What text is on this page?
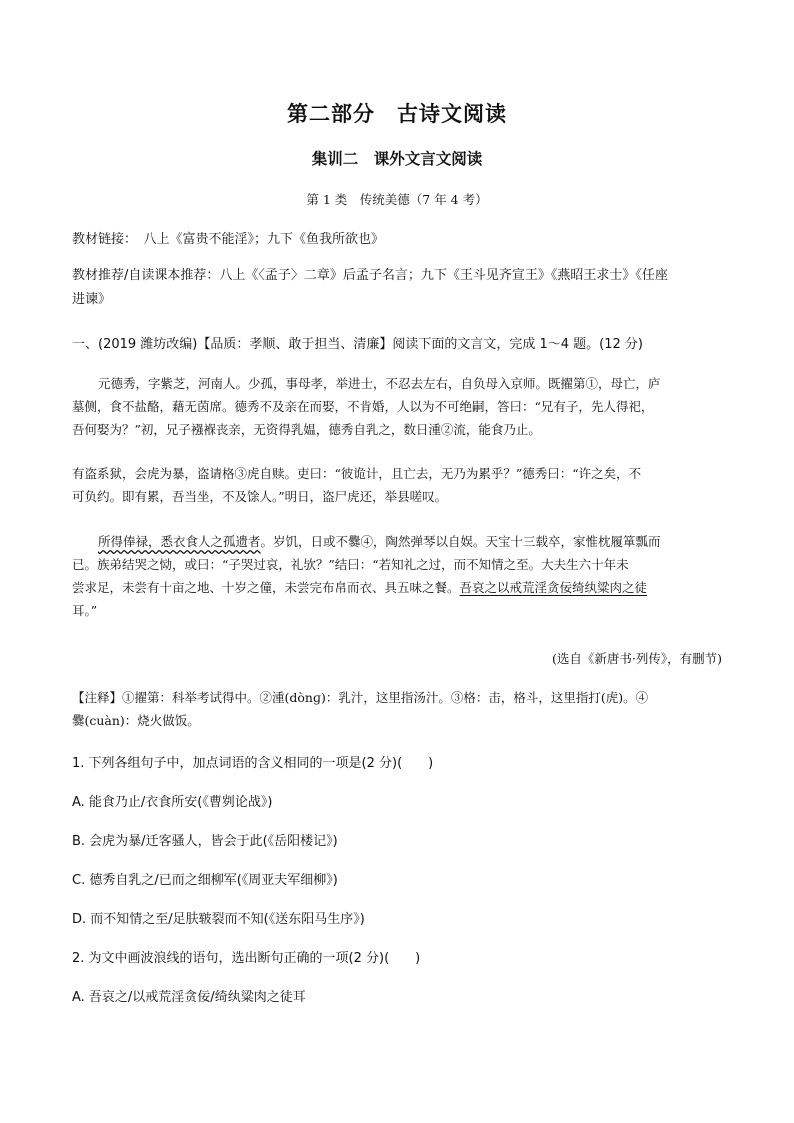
第二部分　古诗文阅读
集训二　课外文言文阅读
第 1 类　传统美德（7 年 4 考）
教材链接：　八上《富贵不能淫》；九下《鱼我所欲也》
教材推荐/自读课本推荐：八上《〈孟子〉二章》后孟子名言；九下《王斗见齐宣王》《燕昭王求士》《任座
进谏》
一、(2019 潍坊改编)【品质：孝顺、敢于担当、清廉】阅读下面的文言文，完成 1～4 题。(12 分)
元德秀，字紫芝，河南人。少孤，事母孝，举进士，不忍去左右，自负母入京师。既擢第①，母亡，庐
墓侧，食不盐酪，藉无茵席。德秀不及亲在而娶，不肯婚，人以为不可绝嗣，答曰：“兄有子，先人得祀，
吾何娶为？”初，兄子襁褓丧亲，无资得乳媪，德秀自乳之，数日湩②流，能食乃止。
有盗系狱，会虎为暴，盗请格③虎自赎。吏曰：“彼诡计，且亡去，无乃为累乎？”德秀曰：“许之矣，不
可负约。即有累，吾当坐，不及馀人。”明日，盗尸虎还，举县嗟叹。
所得俸禄，悉衣食人之孤遗者。岁饥，日或不爨④，陶然弹琴以自娱。天宝十三载卒，家惟枕履箪瓢而
已。族弟结哭之恸，或曰：“子哭过哀，礼欤？”结曰：“若知礼之过，而不知情之至。大夫生六十年未
尝求足，未尝有十亩之地、十岁之僮，未尝完布帛而衣、具五味之餐。吾哀之以戒荒淫贪佞绮纨粱肉之徒
耳。”
(选自《新唐书·列传》，有删节)
【注释】①擢第：科举考试得中。②湩(dònɡ)：乳汁，这里指汤汁。③格：击，格斗，这里指打(虎)。④
爨(cuàn)：烧火做饭。
1. 下列各组句子中，加点词语的含义相同的一项是(2 分)(　　)
A. 能食乃止/衣食所安(《曹刿论战》)
B. 会虎为暴/迁客骚人，皆会于此(《岳阳楼记》)
C. 德秀自乳之/已而之细柳军(《周亚夫军细柳》)
D. 而不知情之至/足肤皲裂而不知(《送东阳马生序》)
2. 为文中画波浪线的语句，选出断句正确的一项(2 分)(　　)
A. 吾哀之/以戒荒淫贪佞/绮纨粱肉之徒耳
